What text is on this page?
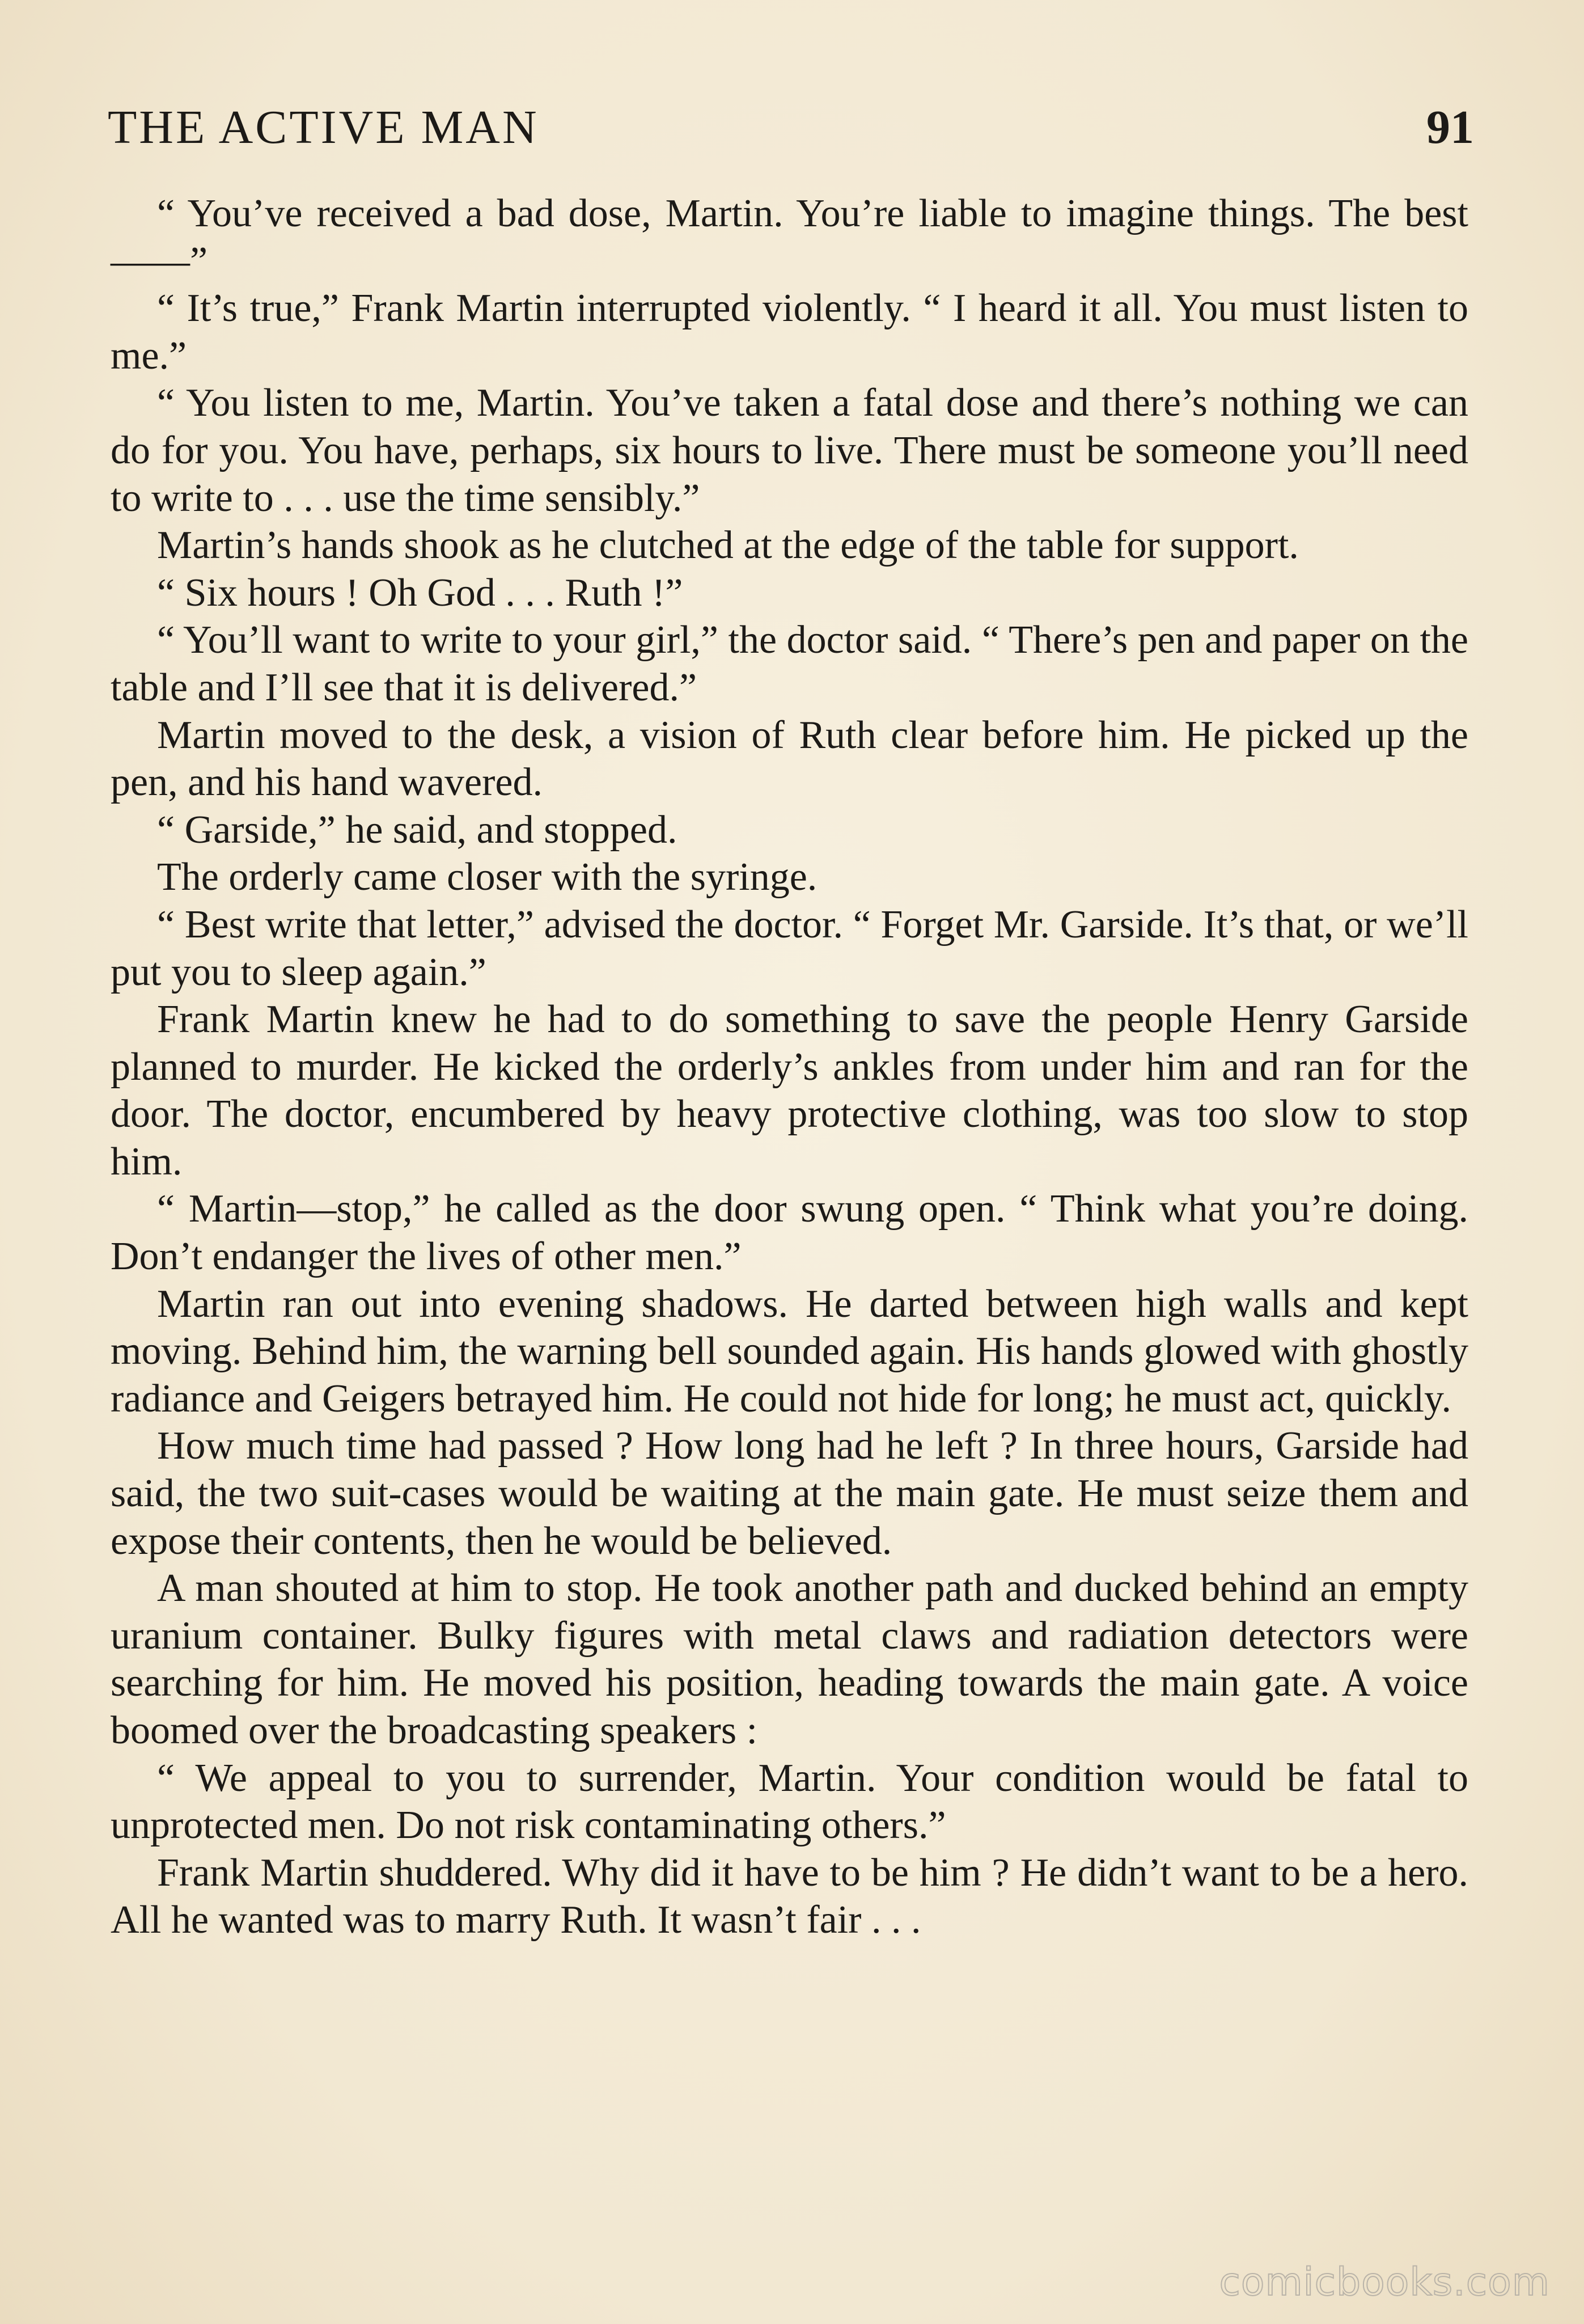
THE ACTIVE MAN	91

“ You’ve received a bad dose, Martin. You’re liable to imagine things. The best——”

“ It’s true,” Frank Martin interrupted violently. “ I heard it all. You must listen to me.”

“ You listen to me, Martin. You’ve taken a fatal dose and there’s nothing we can do for you. You have, perhaps, six hours to live. There must be someone you’ll need to write to . . . use the time sensibly.”

Martin’s hands shook as he clutched at the edge of the table for support.

“ Six hours ! Oh God . . . Ruth !”

“ You’ll want to write to your girl,” the doctor said. “ There’s pen and paper on the table and I’ll see that it is delivered.”

Martin moved to the desk, a vision of Ruth clear before him. He picked up the pen, and his hand wavered.

“ Garside,” he said, and stopped.

The orderly came closer with the syringe.

“ Best write that letter,” advised the doctor. “ Forget Mr. Garside. It’s that, or we’ll put you to sleep again.”

Frank Martin knew he had to do something to save the people Henry Garside planned to murder. He kicked the orderly’s ankles from under him and ran for the door. The doctor, encumbered by heavy protective clothing, was too slow to stop him.

“ Martin—stop,” he called as the door swung open. “ Think what you’re doing. Don’t endanger the lives of other men.”

Martin ran out into evening shadows. He darted between high walls and kept moving. Behind him, the warning bell sounded again. His hands glowed with ghostly radiance and Geigers betrayed him. He could not hide for long; he must act, quickly.

How much time had passed ? How long had he left ? In three hours, Garside had said, the two suit-cases would be waiting at the main gate. He must seize them and expose their contents, then he would be believed.

A man shouted at him to stop. He took another path and ducked behind an empty uranium container. Bulky figures with metal claws and radiation detectors were searching for him. He moved his position, heading towards the main gate. A voice boomed over the broadcasting speakers :

“ We appeal to you to surrender, Martin. Your condition would be fatal to unprotected men. Do not risk contaminating others.”

Frank Martin shuddered. Why did it have to be him ? He didn’t want to be a hero. All he wanted was to marry Ruth. It wasn’t fair . . .

comicbooks.com
